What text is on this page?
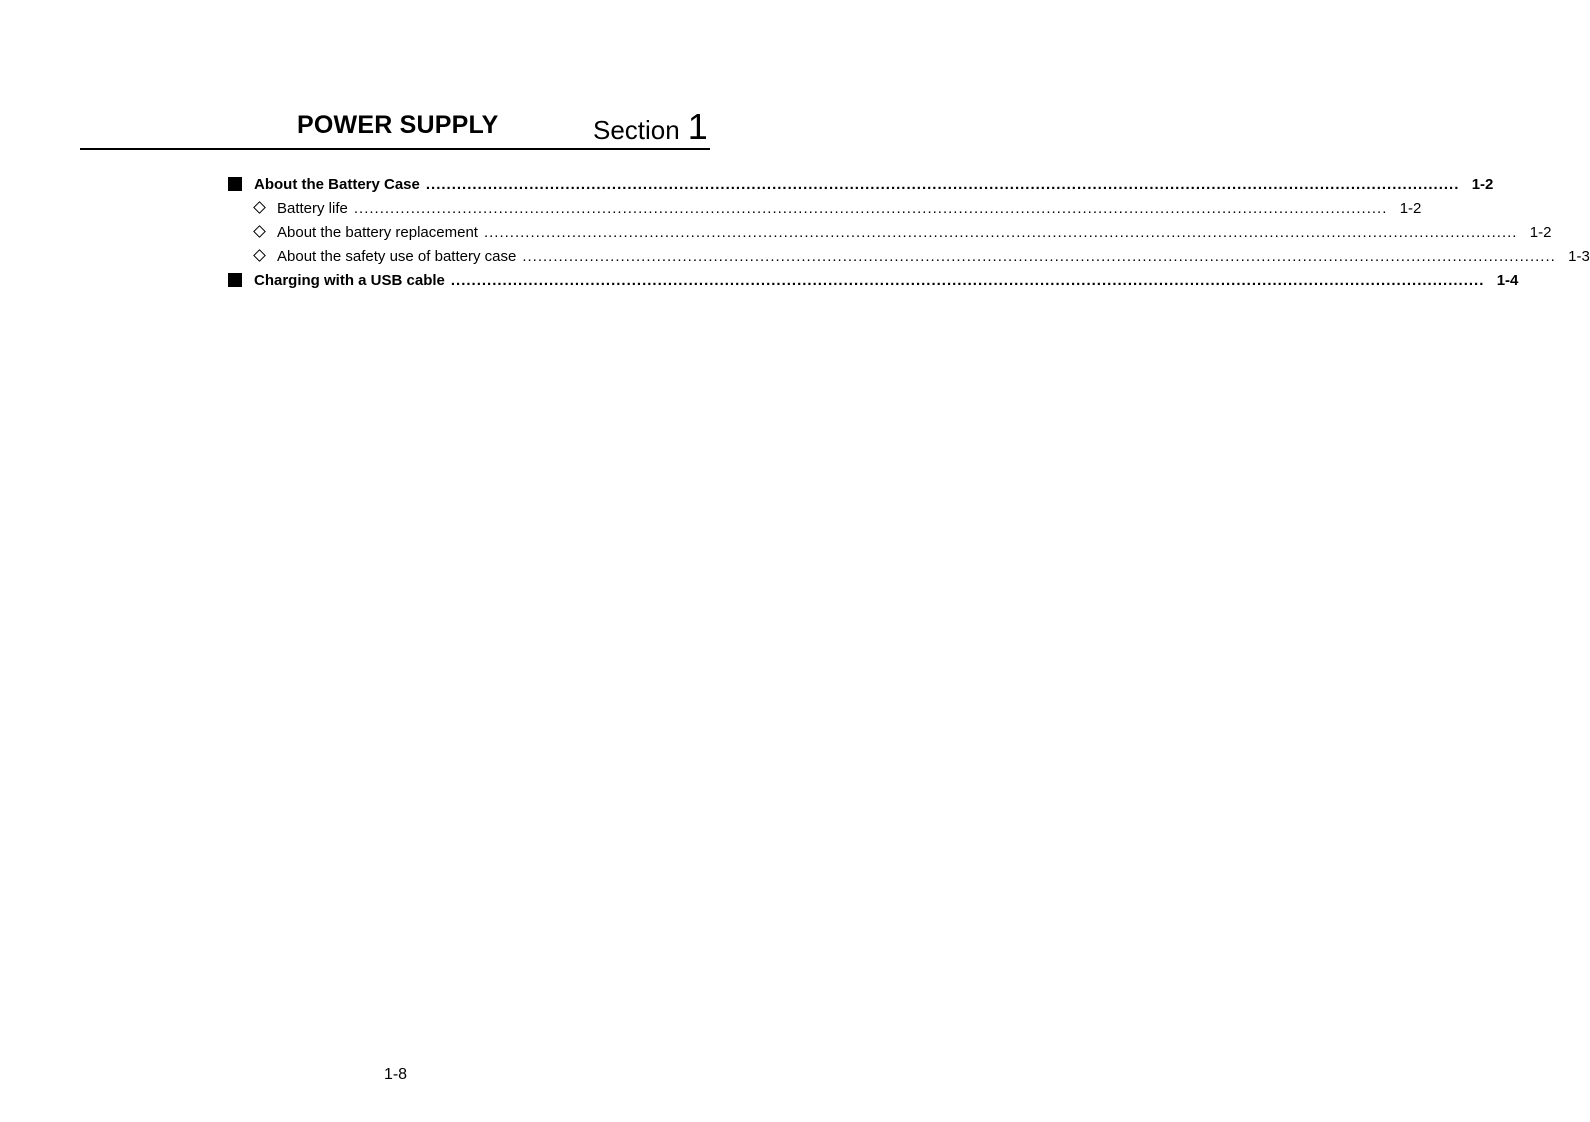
POWER SUPPLY	Section 1
About the Battery Case ........................................................................................................................................................................................................ 1-2
Battery life ........................................................................................................................................................................................................ 1-2
About the battery replacement ........................................................................................................................................................................................................ 1-2
About the safety use of battery case ........................................................................................................................................................................................................ 1-3
Charging with a USB cable ........................................................................................................................................................................................................ 1-4
1-8
